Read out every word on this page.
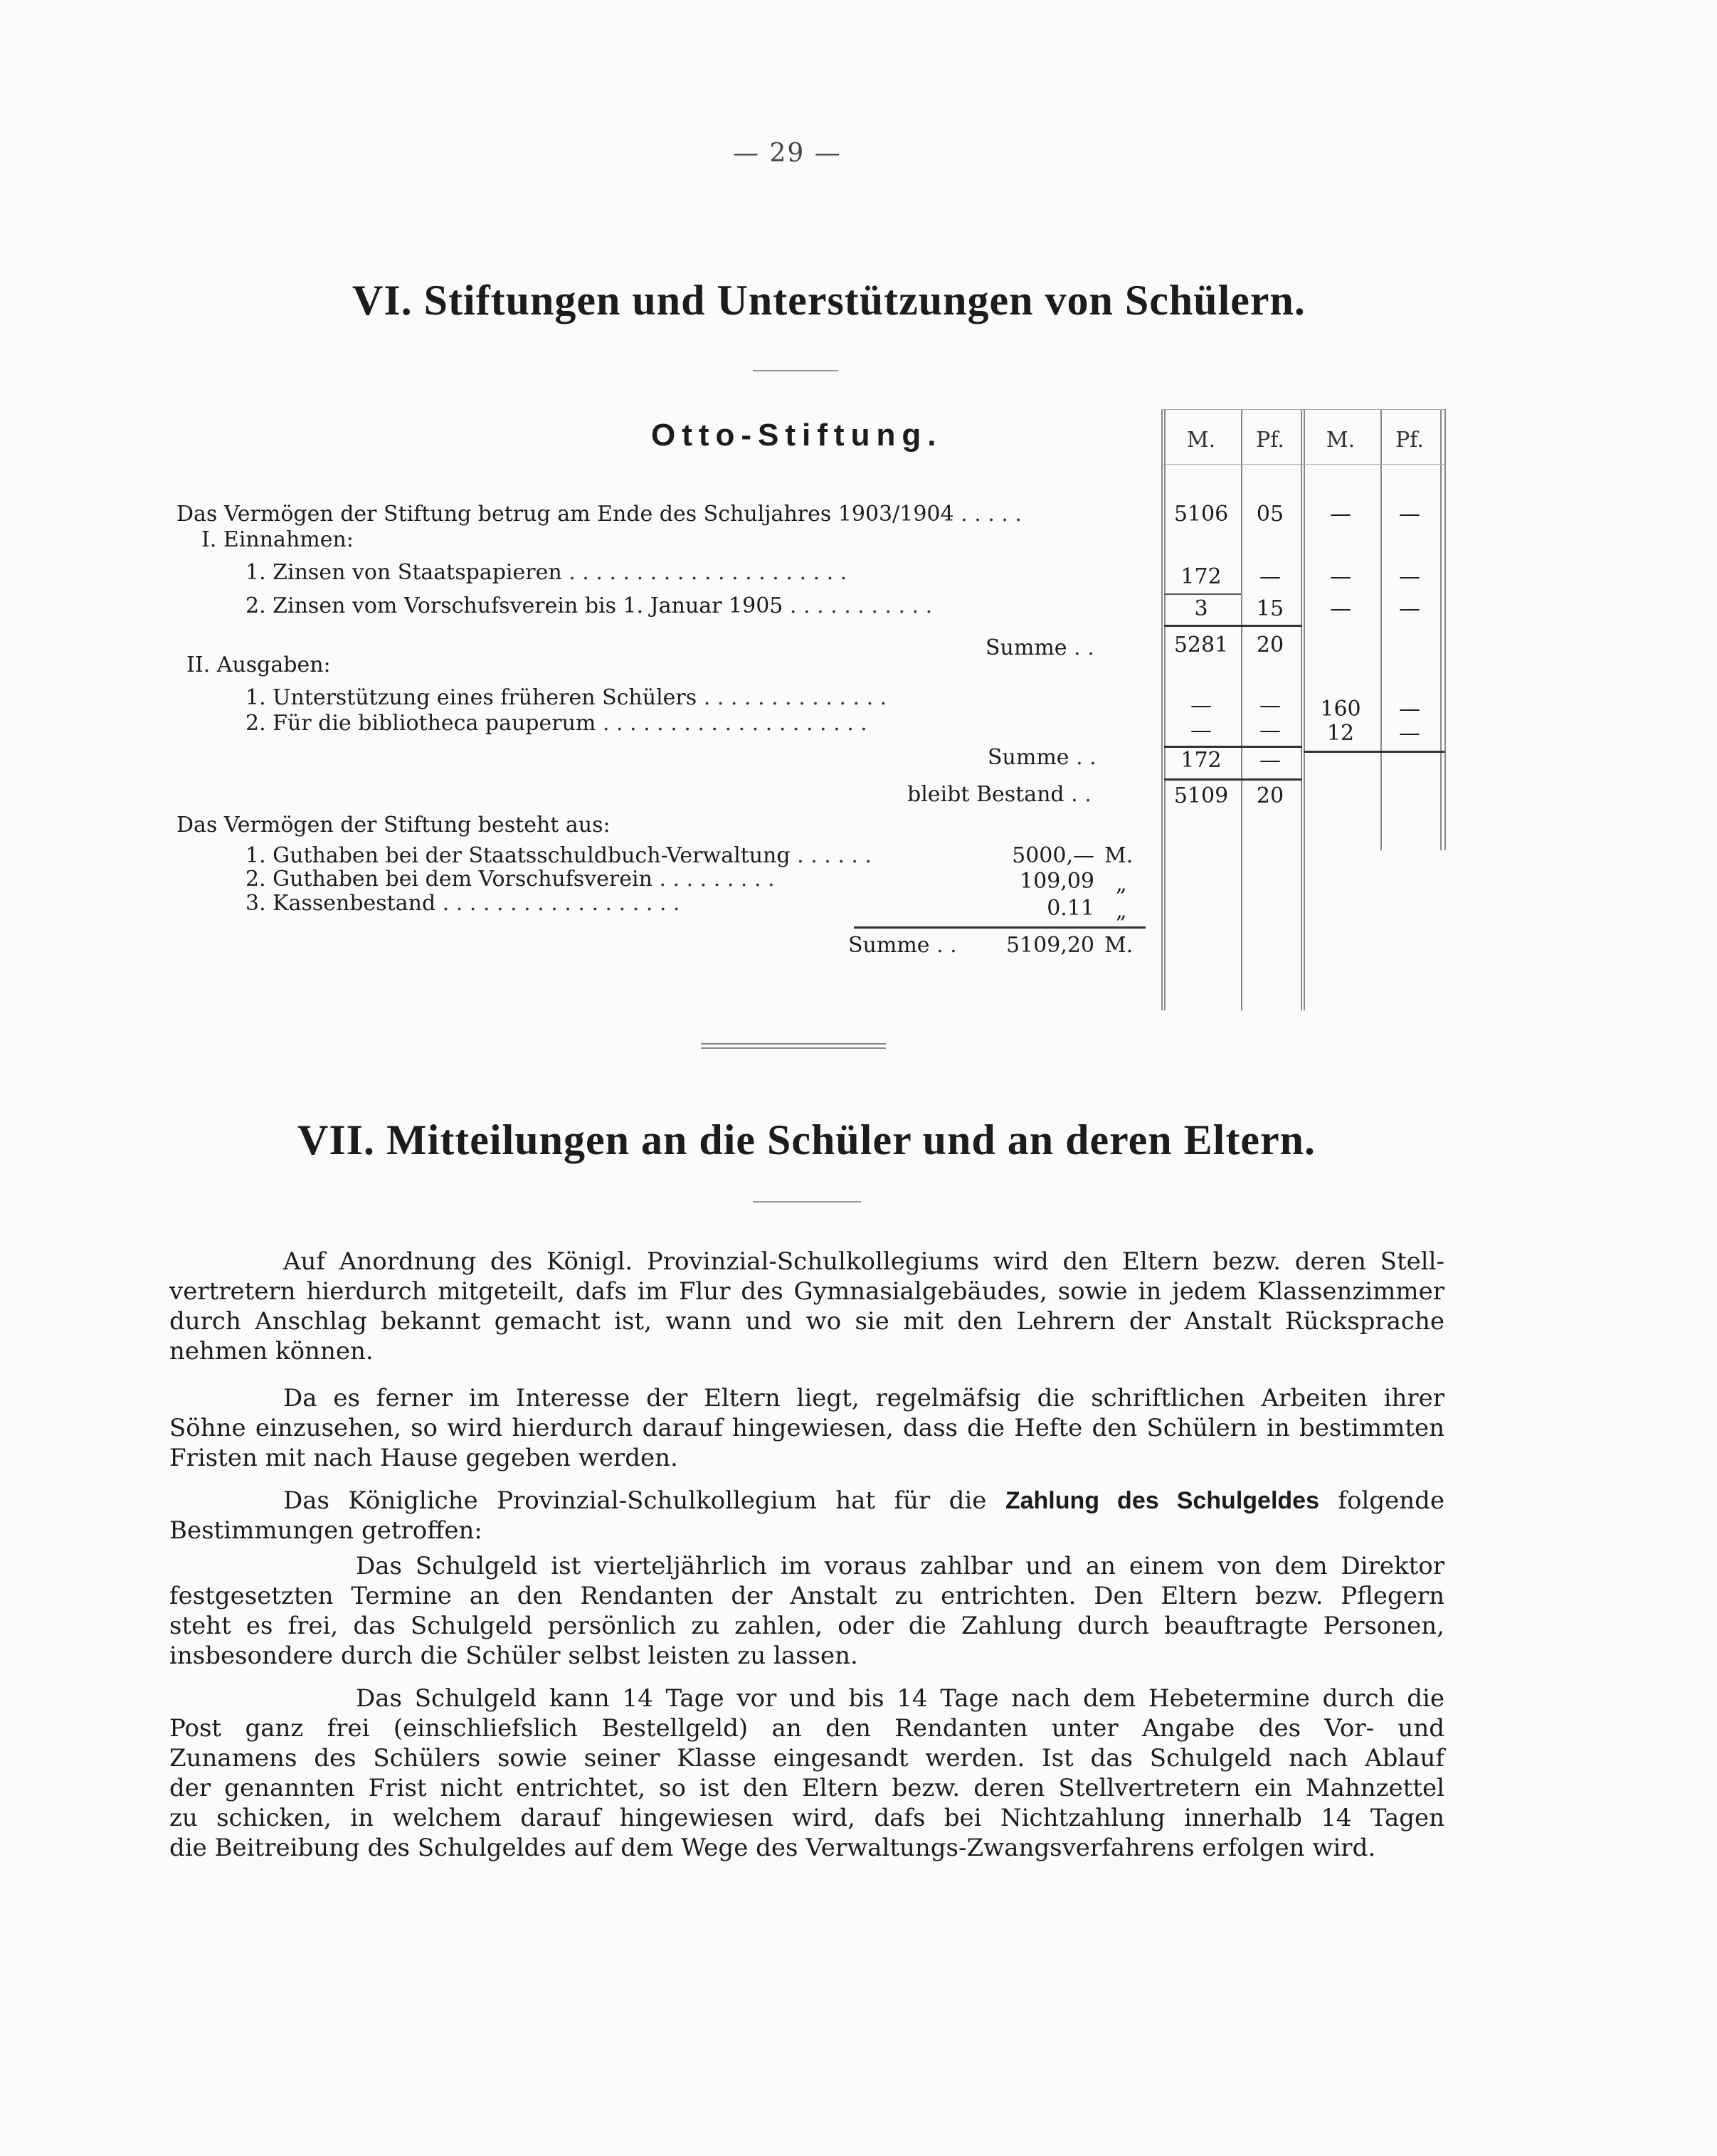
— 29 —
VI. Stiftungen und Unterstützungen von Schülern.
Otto-Stiftung.	M.	Pf.	M.	Pf.
Das Vermögen der Stiftung betrug am Ende des Schuljahres 1903/1904 . . . . .	5106	05	—	—
I. Einnahmen:
1. Zinsen von Staatspapieren . . . . . . . . . . . . . . . . . . . . .	172	—	—	—
2. Zinsen vom Vorschufsverein bis 1. Januar 1905 . . . . . . . . . . .	3	15	—	—
Summe . .	5281	20
II. Ausgaben:
1. Unterstützung eines früheren Schülers . . . . . . . . . . . . . .	—	—	160	—
2. Für die bibliotheca pauperum . . . . . . . . . . . . . . . . . . . .	—	—	12	—
Summe . .	172	—
bleibt Bestand . .	5109	20
Das Vermögen der Stiftung besteht aus:
1. Guthaben bei der Staatsschuldbuch-Verwaltung . . . . . .	5000,— M.
2. Guthaben bei dem Vorschufsverein . . . . . . . . .	109,09 „
3. Kassenbestand . . . . . . . . . . . . . . . . . .	0.11 „
Summe . .	5109,20 M.
VII. Mitteilungen an die Schüler und an deren Eltern.
Auf Anordnung des Königl. Provinzial-Schulkollegiums wird den Eltern bezw. deren Stell-
vertretern hierdurch mitgeteilt, dafs im Flur des Gymnasialgebäudes, sowie in jedem Klassenzimmer
durch Anschlag bekannt gemacht ist, wann und wo sie mit den Lehrern der Anstalt Rücksprache
nehmen können.
Da es ferner im Interesse der Eltern liegt, regelmäfsig die schriftlichen Arbeiten ihrer
Söhne einzusehen, so wird hierdurch darauf hingewiesen, dass die Hefte den Schülern in bestimmten
Fristen mit nach Hause gegeben werden.
Das Königliche Provinzial-Schulkollegium hat für die Zahlung des Schulgeldes folgende
Bestimmungen getroffen:
Das Schulgeld ist vierteljährlich im voraus zahlbar und an einem von dem Direktor
festgesetzten Termine an den Rendanten der Anstalt zu entrichten. Den Eltern bezw. Pflegern
steht es frei, das Schulgeld persönlich zu zahlen, oder die Zahlung durch beauftragte Personen,
insbesondere durch die Schüler selbst leisten zu lassen.
Das Schulgeld kann 14 Tage vor und bis 14 Tage nach dem Hebetermine durch die
Post ganz frei (einschliefslich Bestellgeld) an den Rendanten unter Angabe des Vor- und
Zunamens des Schülers sowie seiner Klasse eingesandt werden. Ist das Schulgeld nach Ablauf
der genannten Frist nicht entrichtet, so ist den Eltern bezw. deren Stellvertretern ein Mahnzettel
zu schicken, in welchem darauf hingewiesen wird, dafs bei Nichtzahlung innerhalb 14 Tagen
die Beitreibung des Schulgeldes auf dem Wege des Verwaltungs-Zwangsverfahrens erfolgen wird.
